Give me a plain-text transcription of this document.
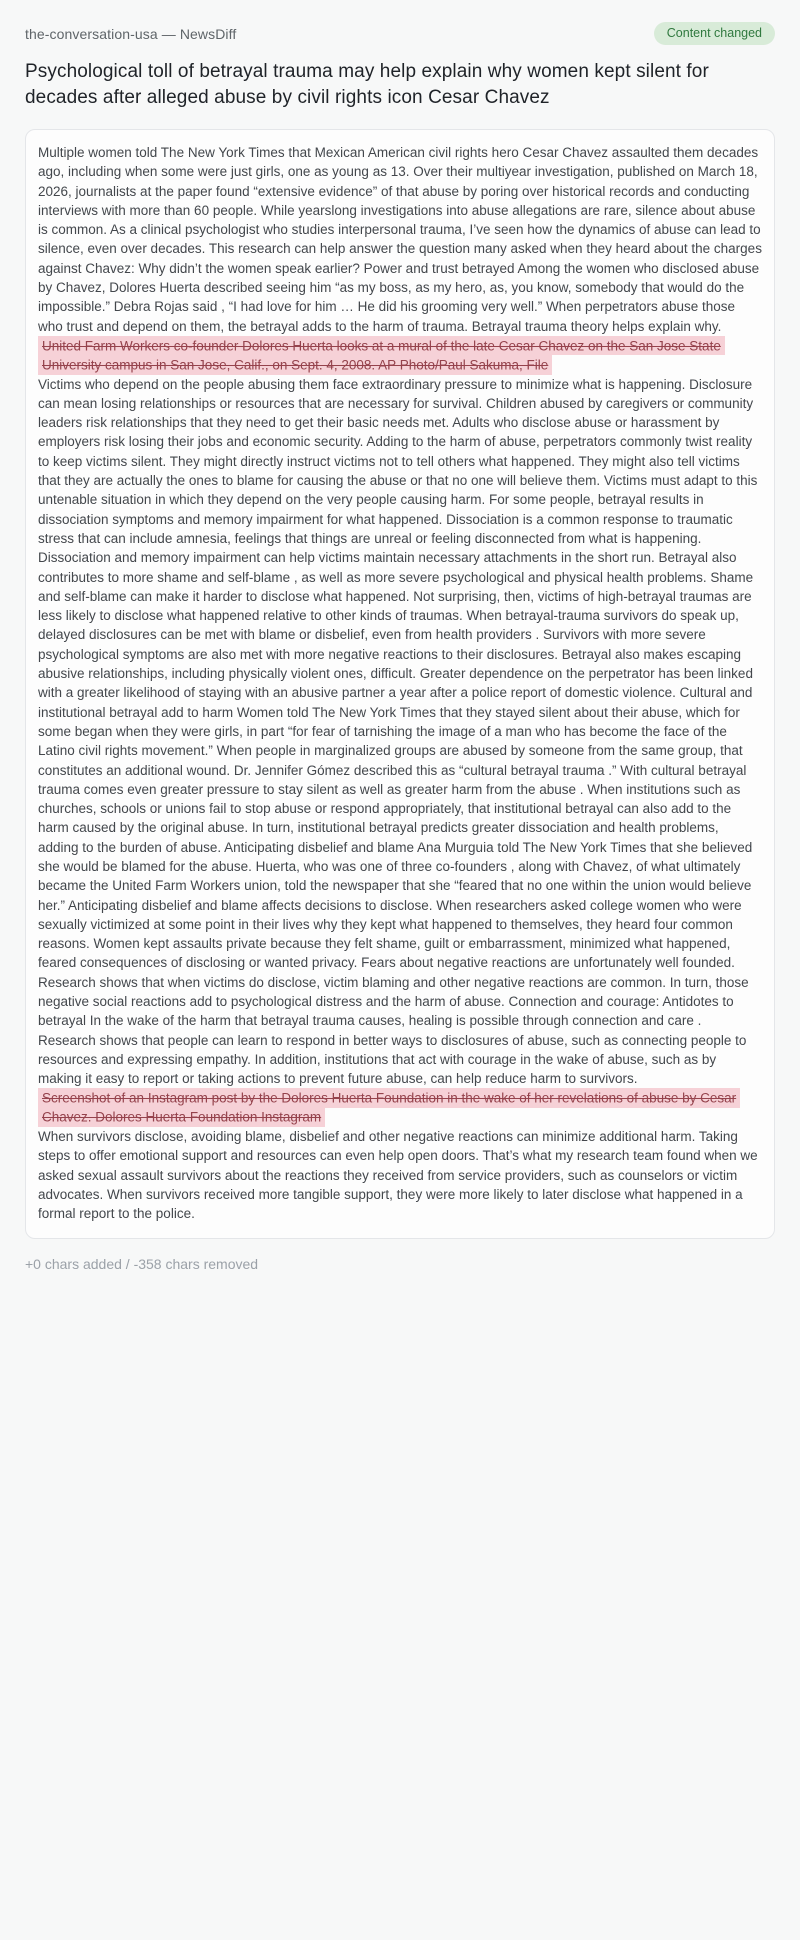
the-conversation-usa — NewsDiff	Content changed
Psychological toll of betrayal trauma may help explain why women kept silent for decades after alleged abuse by civil rights icon Cesar Chavez

Multiple women told The New York Times that Mexican American civil rights hero Cesar Chavez assaulted them decades ago, including when some were just girls, one as young as 13. Over their multiyear investigation, published on March 18, 2026, journalists at the paper found “extensive evidence” of that abuse by poring over historical records and conducting interviews with more than 60 people. While yearslong investigations into abuse allegations are rare, silence about abuse is common. As a clinical psychologist who studies interpersonal trauma, I’ve seen how the dynamics of abuse can lead to silence, even over decades. This research can help answer the question many asked when they heard about the charges against Chavez: Why didn’t the women speak earlier? Power and trust betrayed Among the women who disclosed abuse by Chavez, Dolores Huerta described seeing him “as my boss, as my hero, as, you know, somebody that would do the impossible.” Debra Rojas said , “I had love for him … He did his grooming very well.” When perpetrators abuse those who trust and depend on them, the betrayal adds to the harm of trauma. Betrayal trauma theory helps explain why.

United Farm Workers co-founder Dolores Huerta looks at a mural of the late Cesar Chavez on the San Jose State University campus in San Jose, Calif., on Sept. 4, 2008. AP Photo/Paul Sakuma, File

Victims who depend on the people abusing them face extraordinary pressure to minimize what is happening. Disclosure can mean losing relationships or resources that are necessary for survival. Children abused by caregivers or community leaders risk relationships that they need to get their basic needs met. Adults who disclose abuse or harassment by employers risk losing their jobs and economic security. Adding to the harm of abuse, perpetrators commonly twist reality to keep victims silent. They might directly instruct victims not to tell others what happened. They might also tell victims that they are actually the ones to blame for causing the abuse or that no one will believe them. Victims must adapt to this untenable situation in which they depend on the very people causing harm. For some people, betrayal results in dissociation symptoms and memory impairment for what happened. Dissociation is a common response to traumatic stress that can include amnesia, feelings that things are unreal or feeling disconnected from what is happening. Dissociation and memory impairment can help victims maintain necessary attachments in the short run. Betrayal also contributes to more shame and self-blame , as well as more severe psychological and physical health problems. Shame and self-blame can make it harder to disclose what happened. Not surprising, then, victims of high-betrayal traumas are less likely to disclose what happened relative to other kinds of traumas. When betrayal-trauma survivors do speak up, delayed disclosures can be met with blame or disbelief, even from health providers . Survivors with more severe psychological symptoms are also met with more negative reactions to their disclosures. Betrayal also makes escaping abusive relationships, including physically violent ones, difficult. Greater dependence on the perpetrator has been linked with a greater likelihood of staying with an abusive partner a year after a police report of domestic violence. Cultural and institutional betrayal add to harm Women told The New York Times that they stayed silent about their abuse, which for some began when they were girls, in part “for fear of tarnishing the image of a man who has become the face of the Latino civil rights movement.” When people in marginalized groups are abused by someone from the same group, that constitutes an additional wound. Dr. Jennifer Gómez described this as “cultural betrayal trauma .” With cultural betrayal trauma comes even greater pressure to stay silent as well as greater harm from the abuse . When institutions such as churches, schools or unions fail to stop abuse or respond appropriately, that institutional betrayal can also add to the harm caused by the original abuse. In turn, institutional betrayal predicts greater dissociation and health problems, adding to the burden of abuse. Anticipating disbelief and blame Ana Murguia told The New York Times that she believed she would be blamed for the abuse. Huerta, who was one of three co-founders , along with Chavez, of what ultimately became the United Farm Workers union, told the newspaper that she “feared that no one within the union would believe her.” Anticipating disbelief and blame affects decisions to disclose. When researchers asked college women who were sexually victimized at some point in their lives why they kept what happened to themselves, they heard four common reasons. Women kept assaults private because they felt shame, guilt or embarrassment, minimized what happened, feared consequences of disclosing or wanted privacy. Fears about negative reactions are unfortunately well founded. Research shows that when victims do disclose, victim blaming and other negative reactions are common. In turn, those negative social reactions add to psychological distress and the harm of abuse. Connection and courage: Antidotes to betrayal In the wake of the harm that betrayal trauma causes, healing is possible through connection and care . Research shows that people can learn to respond in better ways to disclosures of abuse, such as connecting people to resources and expressing empathy. In addition, institutions that act with courage in the wake of abuse, such as by making it easy to report or taking actions to prevent future abuse, can help reduce harm to survivors.

Screenshot of an Instagram post by the Dolores Huerta Foundation in the wake of her revelations of abuse by Cesar Chavez. Dolores Huerta Foundation Instagram

When survivors disclose, avoiding blame, disbelief and other negative reactions can minimize additional harm. Taking steps to offer emotional support and resources can even help open doors. That’s what my research team found when we asked sexual assault survivors about the reactions they received from service providers, such as counselors or victim advocates. When survivors received more tangible support, they were more likely to later disclose what happened in a formal report to the police.

+0 chars added / -358 chars removed
